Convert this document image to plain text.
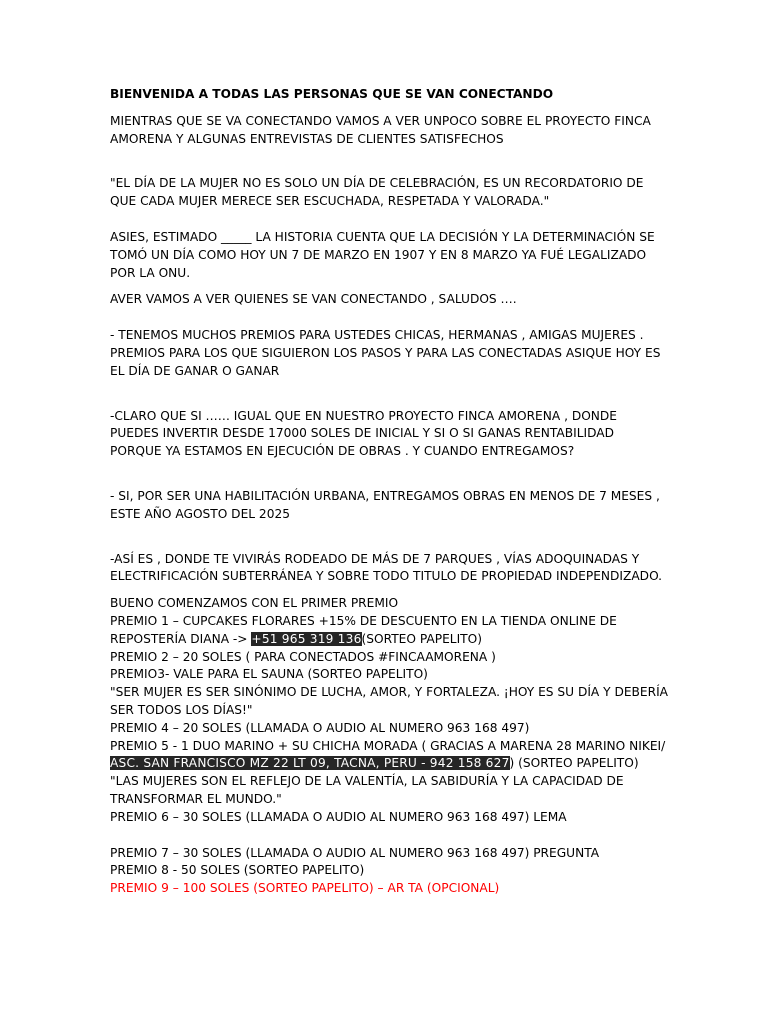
BIENVENIDA A TODAS LAS PERSONAS QUE SE VAN CONECTANDO

MIENTRAS QUE SE VA CONECTANDO VAMOS A VER UNPOCO SOBRE EL PROYECTO FINCA AMORENA Y ALGUNAS ENTREVISTAS DE CLIENTES SATISFECHOS

"EL DÍA DE LA MUJER NO ES SOLO UN DÍA DE CELEBRACIÓN, ES UN RECORDATORIO DE QUE CADA MUJER MERECE SER ESCUCHADA, RESPETADA Y VALORADA."

ASIES, ESTIMADO _____ LA HISTORIA CUENTA QUE LA DECISIÓN Y LA DETERMINACIÓN SE TOMÓ UN DÍA COMO HOY UN 7 DE MARZO EN 1907 Y EN 8 MARZO YA FUÉ LEGALIZADO POR LA ONU.

AVER VAMOS A VER QUIENES SE VAN CONECTANDO , SALUDOS ….

- TENEMOS MUCHOS PREMIOS PARA USTEDES CHICAS, HERMANAS , AMIGAS MUJERES . PREMIOS PARA LOS QUE SIGUIERON LOS PASOS Y PARA LAS CONECTADAS ASIQUE HOY ES EL DÍA DE GANAR O GANAR

-CLARO QUE SI …… IGUAL QUE EN NUESTRO PROYECTO FINCA AMORENA , DONDE PUEDES INVERTIR DESDE 17000 SOLES DE INICIAL Y SI O SI GANAS RENTABILIDAD PORQUE YA ESTAMOS EN EJECUCIÓN DE OBRAS . Y CUANDO ENTREGAMOS?

- SI, POR SER UNA HABILITACIÓN URBANA, ENTREGAMOS OBRAS EN MENOS DE 7 MESES , ESTE AÑO AGOSTO DEL 2025

-ASÍ ES , DONDE TE VIVIRÁS RODEADO DE MÁS DE 7 PARQUES , VÍAS ADOQUINADAS Y ELECTRIFICACIÓN SUBTERRÁNEA Y SOBRE TODO TITULO DE PROPIEDAD INDEPENDIZADO.

BUENO COMENZAMOS CON EL PRIMER PREMIO

PREMIO 1 – CUPCAKES FLORARES +15% DE DESCUENTO EN LA TIENDA ONLINE DE REPOSTERÍA DIANA -> +51 965 319 136(SORTEO PAPELITO)

PREMIO 2 – 20 SOLES ( PARA CONECTADOS #FINCAAMORENA )

PREMIO3- VALE PARA EL SAUNA (SORTEO PAPELITO)

"SER MUJER ES SER SINÓNIMO DE LUCHA, AMOR, Y FORTALEZA. ¡HOY ES SU DÍA Y DEBERÍA SER TODOS LOS DÍAS!"

PREMIO 4 – 20 SOLES (LLAMADA O AUDIO AL NUMERO 963 168 497)

PREMIO 5 - 1 DUO MARINO + SU CHICHA MORADA ( GRACIAS A MARENA 28 MARINO NIKEI/ ASC. SAN FRANCISCO MZ 22 LT 09, TACNA, PERU - 942 158 627) (SORTEO PAPELITO)

"LAS MUJERES SON EL REFLEJO DE LA VALENTÍA, LA SABIDURÍA Y LA CAPACIDAD DE TRANSFORMAR EL MUNDO."

PREMIO 6 – 30 SOLES (LLAMADA O AUDIO AL NUMERO 963 168 497) LEMA

PREMIO 7 – 30 SOLES (LLAMADA O AUDIO AL NUMERO 963 168 497) PREGUNTA

PREMIO 8 - 50 SOLES (SORTEO PAPELITO)

PREMIO 9 – 100 SOLES (SORTEO PAPELITO) – AR TA (OPCIONAL)
